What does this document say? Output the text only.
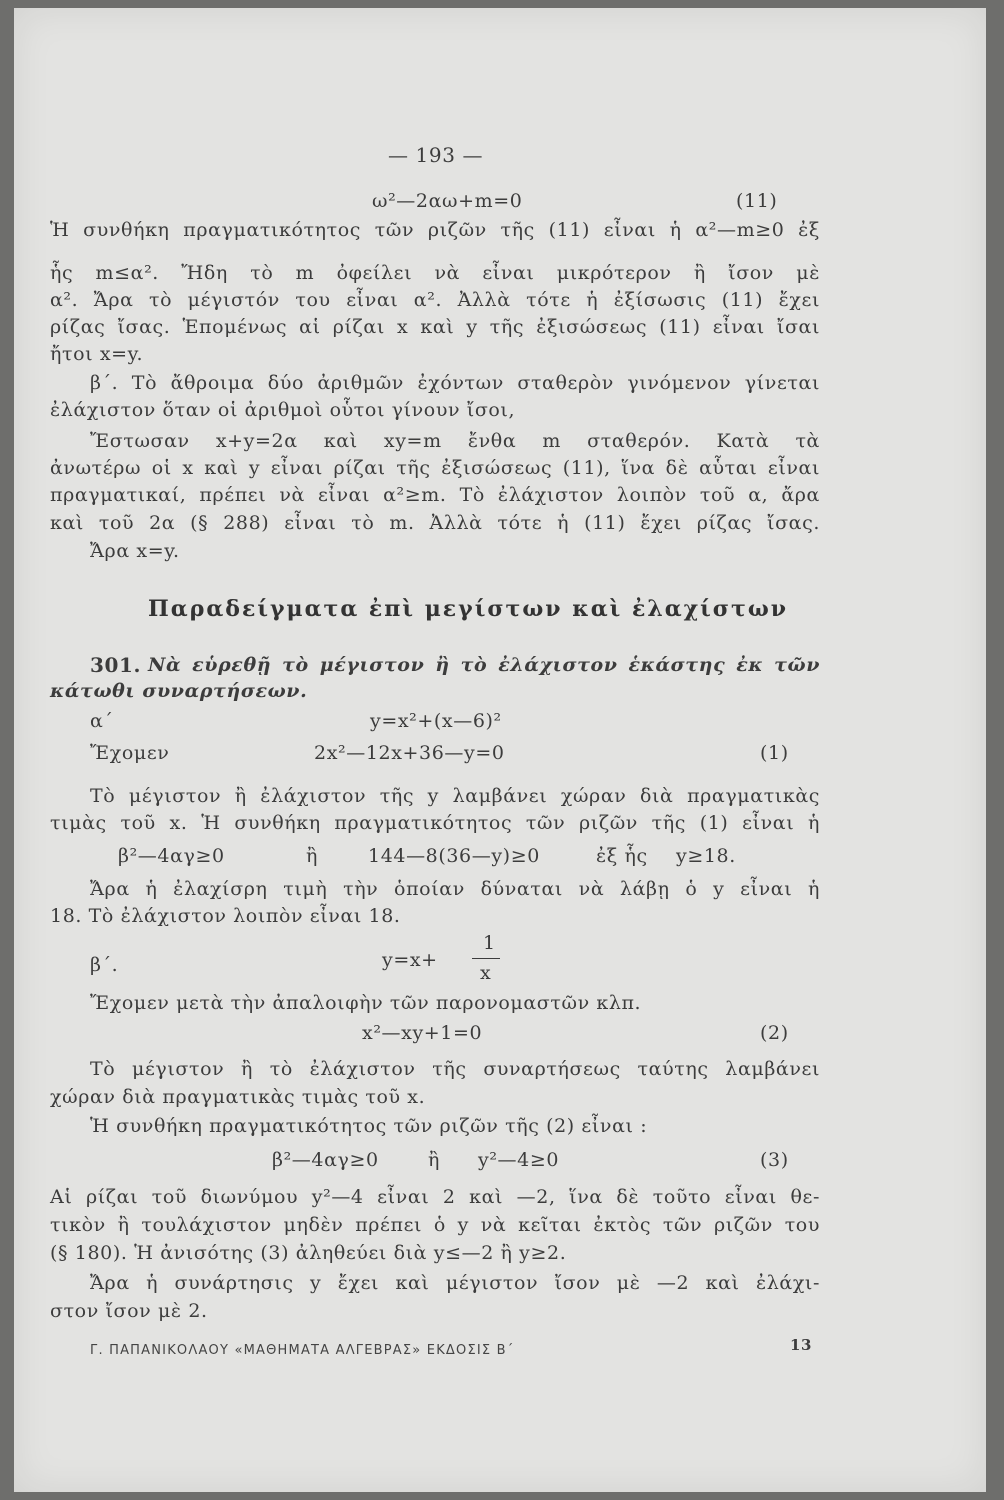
— 193 —
ω²—2αω+m=0	(11)
Ἡ συνθήκη πραγματικότητος τῶν ριζῶν τῆς (11) εἶναι ἡ α²—m≥0 ἐξ
ἧς m≤α². Ἤδη τὸ m ὀφείλει νὰ εἶναι μικρότερον ἢ ἴσον μὲ
α². Ἄρα τὸ μέγιστόν του εἶναι α². Ἀλλὰ τότε ἡ ἐξίσωσις (11) ἔχει
ρίζας ἴσας. Ἑπομένως αἱ ρίζαι x καὶ y τῆς ἐξισώσεως (11) εἶναι ἴσαι
ἤτοι x=y.
β΄. Τὸ ἄθροιμα δύο ἀριθμῶν ἐχόντων σταθερὸν γινόμενον γίνεται
ἐλάχιστον ὅταν οἱ ἀριθμοὶ οὗτοι γίνουν ἴσοι,
Ἔστωσαν x+y=2α καὶ xy=m ἔνθα m σταθερόν. Κατὰ τὰ
ἀνωτέρω οἱ x καὶ y εἶναι ρίζαι τῆς ἐξισώσεως (11), ἵνα δὲ αὗται εἶναι
πραγματικαί, πρέπει νὰ εἶναι α²≥m. Τὸ ἐλάχιστον λοιπὸν τοῦ α, ἄρα
καὶ τοῦ 2α (§ 288) εἶναι τὸ m. Ἀλλὰ τότε ἡ (11) ἔχει ρίζας ἴσας.
Ἄρα x=y.
Παραδείγματα ἐπὶ μεγίστων καὶ ἐλαχίστων
301. Νὰ εὑρεθῇ τὸ μέγιστον ἢ τὸ ἐλάχιστον ἑκάστης ἐκ τῶν
κάτωθι συναρτήσεων.
α΄	y=x²+(x—6)²
Ἔχομεν	2x²—12x+36—y=0	(1)
Τὸ μέγιστον ἢ ἐλάχιστον τῆς y λαμβάνει χώραν διὰ πραγματικὰς
τιμὰς τοῦ x. Ἡ συνθήκη πραγματικότητος τῶν ριζῶν τῆς (1) εἶναι ἡ
β²—4αγ≥0	ἢ	144—8(36—y)≥0	ἐξ ἧς y≥18.
Ἄρα ἡ ἐλαχίσρη τιμὴ τὴν ὁποίαν δύναται νὰ λάβῃ ὁ y εἶναι ἡ
18. Τὸ ἐλάχιστον λοιπὸν εἶναι 18.
β΄.	y=x+
1
x
Ἔχομεν μετὰ τὴν ἀπαλοιφὴν τῶν παρονομαστῶν κλπ.
x²—xy+1=0	(2)
Τὸ μέγιστον ἢ τὸ ἐλάχιστον τῆς συναρτήσεως ταύτης λαμβάνει
χώραν διὰ πραγματικὰς τιμὰς τοῦ x.
Ἡ συνθήκη πραγματικότητος τῶν ριζῶν τῆς (2) εἶναι :
β²—4αγ≥0	ἢ y²—4≥0	(3)
Αἱ ρίζαι τοῦ διωνύμου y²—4 εἶναι 2 καὶ —2, ἵνα δὲ τοῦτο εἶναι θε-
τικὸν ἢ τουλάχιστον μηδὲν πρέπει ὁ y νὰ κεῖται ἐκτὸς τῶν ριζῶν του
(§ 180). Ἡ ἀνισότης (3) ἀληθεύει διὰ y≤—2 ἢ y≥2.
Ἄρα ἡ συνάρτησις y ἔχει καὶ μέγιστον ἴσον μὲ —2 καὶ ἐλάχι-
στον ἴσον μὲ 2.
Γ. ΠΑΠΑΝΙΚΟΛΑΟΥ «ΜΑΘΗΜΑΤΑ ΑΛΓΕΒΡΑΣ» ΕΚΔΟΣΙΣ Β΄	13
